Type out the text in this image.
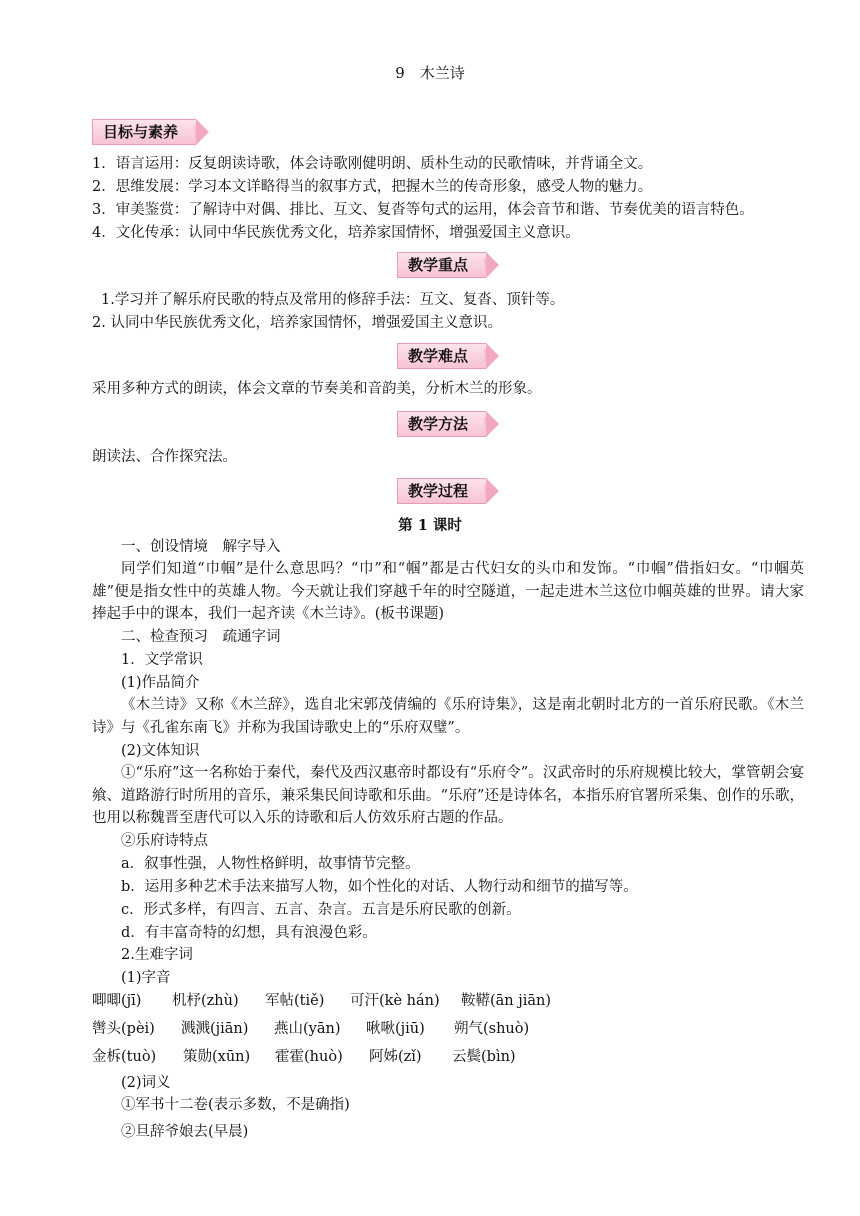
9　木兰诗
目标与素养
1．语言运用：反复朗读诗歌，体会诗歌刚健明朗、质朴生动的民歌情味，并背诵全文。
2．思维发展：学习本文详略得当的叙事方式，把握木兰的传奇形象，感受人物的魅力。
3．审美鉴赏：了解诗中对偶、排比、互文、复沓等句式的运用，体会音节和谐、节奏优美的语言特色。
4．文化传承：认同中华民族优秀文化，培养家国情怀，增强爱国主义意识。
教学重点
1.学习并了解乐府民歌的特点及常用的修辞手法：互文、复沓、顶针等。
2. 认同中华民族优秀文化，培养家国情怀，增强爱国主义意识。
教学难点
采用多种方式的朗读，体会文章的节奏美和音韵美，分析木兰的形象。
教学方法
朗读法、合作探究法。
教学过程
第 1 课时
一、创设情境　解字导入
同学们知道“巾帼”是什么意思吗？“巾”和“帼”都是古代妇女的头巾和发饰。“巾帼”借指妇女。“巾帼英雄”便是指女性中的英雄人物。今天就让我们穿越千年的时空隧道，一起走进木兰这位巾帼英雄的世界。请大家捧起手中的课本，我们一起齐读《木兰诗》。(板书课题)
二、检查预习　疏通字词
1．文学常识
(1)作品简介
《木兰诗》又称《木兰辞》，选自北宋郭茂倩编的《乐府诗集》，这是南北朝时北方的一首乐府民歌。《木兰诗》与《孔雀东南飞》并称为我国诗歌史上的“乐府双璧”。
(2)文体知识
①“乐府”这一名称始于秦代，秦代及西汉惠帝时都设有“乐府令”。汉武帝时的乐府规模比较大，掌管朝会宴飨、道路游行时所用的音乐，兼采集民间诗歌和乐曲。“乐府”还是诗体名，本指乐府官署所采集、创作的乐歌，也用以称魏晋至唐代可以入乐的诗歌和后人仿效乐府古题的作品。
②乐府诗特点
a．叙事性强，人物性格鲜明，故事情节完整。
b．运用多种艺术手法来描写人物，如个性化的对话、人物行动和细节的描写等。
c．形式多样，有四言、五言、杂言。五言是乐府民歌的创新。
d．有丰富奇特的幻想，具有浪漫色彩。
2.生难字词
(1)字音
唧唧(jī) 机杼(zhù) 军帖(tiě) 可汗(kè hán) 鞍鞯(ān jiān)
辔头(pèi) 溅溅(jiān) 燕山(yān) 啾啾(jiū) 朔气(shuò)
金柝(tuò) 策勋(xūn) 霍霍(huò) 阿姊(zǐ) 云鬓(bìn)
(2)词义
①军书十二卷(表示多数，不是确指)
②旦辞爷娘去(早晨)
